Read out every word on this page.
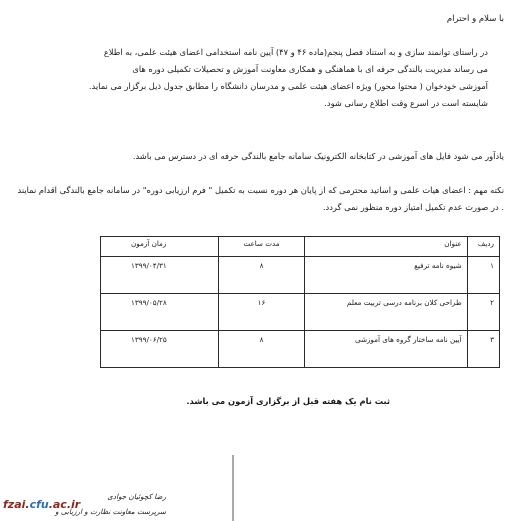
با سلام و احترام

در راستای توانمند سازی و به استناد فصل پنجم(ماده ۴۶ و ۴۷) آیین نامه استخدامی اعضای هیئت علمی، به اطلاع

می رساند مدیریت بالندگی حرفه ای با هماهنگی و همکاری معاونت آموزش و تحصیلات تکمیلی دوره های

آموزشی خودخوان ( محتوا محور) ویژه اعضای هیئت علمی و مدرسان دانشگاه را مطابق جدول ذیل برگزار می نماید.

شایسته است در اسرع وقت اطلاع رسانی شود.

یادآور می شود فایل های آموزشی در کتابخانه الکترونیک سامانه جامع بالندگی حرفه ای در دسترس می باشد.
نکته مهم : اعضای هیات علمی و اساتید محترمی که از پایان هر دوره نسبت به تکمیل " فرم ارزیابی دوره" در سامانه جامع بالندگی اقدام نمایند . در صورت عدم تکمیل امتیاز دوره منظور نمی گردد.
ردیف	عنوان	مدت ساعت	زمان آزمون
۱	شیوه نامه ترفیع	۸	۱۳۹۹/۰۴/۳۱
۲	طراحی کلان برنامه درسی تربیت معلم	۱۶	۱۳۹۹/۰۵/۲۸
۳	آیین نامه ساختار گروه های آموزشی	۸	۱۳۹۹/۰۶/۲۵
ثبت نام یک هفته قبل از برگزاری آزمون می باشد.
رضا کچوئیان جوادی
سرپرست معاونت نظارت و ارزیابی و
fzai.cfu.ac.ir
